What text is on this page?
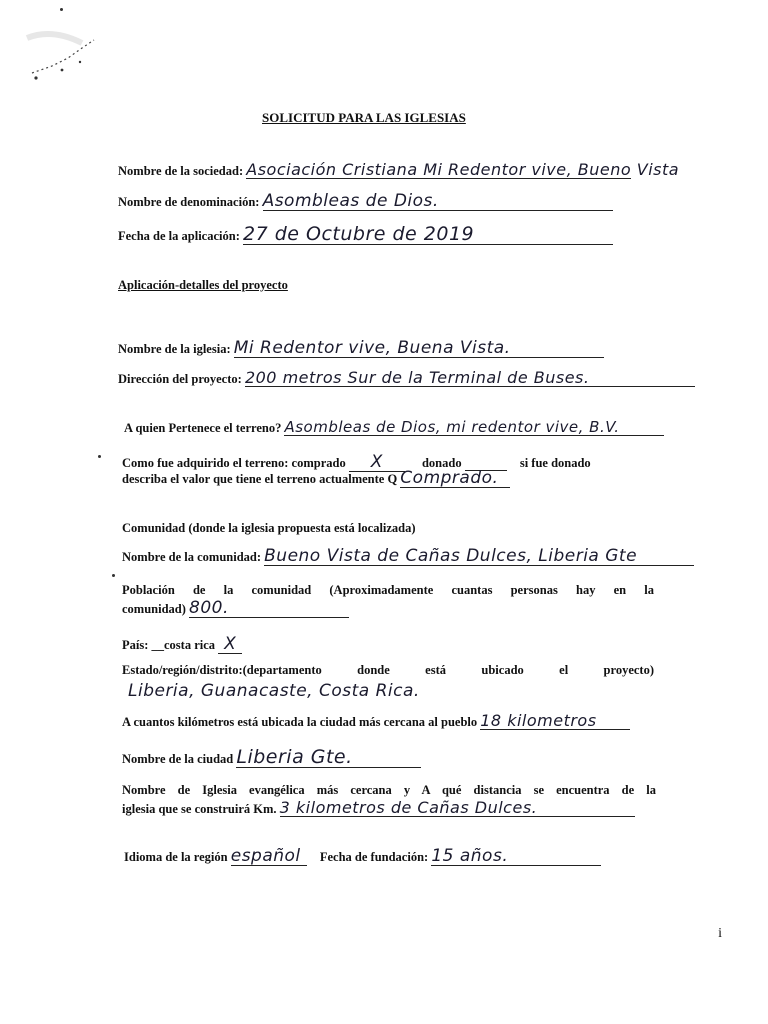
SOLICITUD PARA LAS IGLESIAS
Nombre de la sociedad: Asociación Cristiana Mi Redentor vive, Bueno Vista
Nombre de denominación: Asombleas de Dios.
Fecha de la aplicación: 27 de Octubre de 2019
Aplicación-detalles del proyecto
Nombre de la iglesia: Mi Redentor vive, Buena Vista.
Dirección del proyecto: 200 metros Sur de la Terminal de Buses.
A quien Pertenece el terreno? Asombleas de Dios, mi redentor vive, B.V.
Como fue adquirido el terreno: comprado X	donado	si fue donado
describa el valor que tiene el terreno actualmente Q Comprado.
Comunidad (donde la iglesia propuesta está localizada)
Nombre de la comunidad: Bueno Vista de Cañas Dulces, Liberia Gte
Población de la comunidad (Aproximadamente cuantas personas hay en la
comunidad) 800.
País: __costa rica X
Estado/región/distrito:(departamento donde está ubicado el proyecto)
Liberia, Guanacaste, Costa Rica.
A cuantos kilómetros está ubicada la ciudad más cercana al pueblo 18 kilometros
Nombre de la ciudad Liberia Gte.
Nombre de Iglesia evangélica más cercana y A qué distancia se encuentra de la
iglesia que se construirá Km. 3 kilometros de Cañas Dulces.
Idioma de la región español Fecha de fundación: 15 años.
i
